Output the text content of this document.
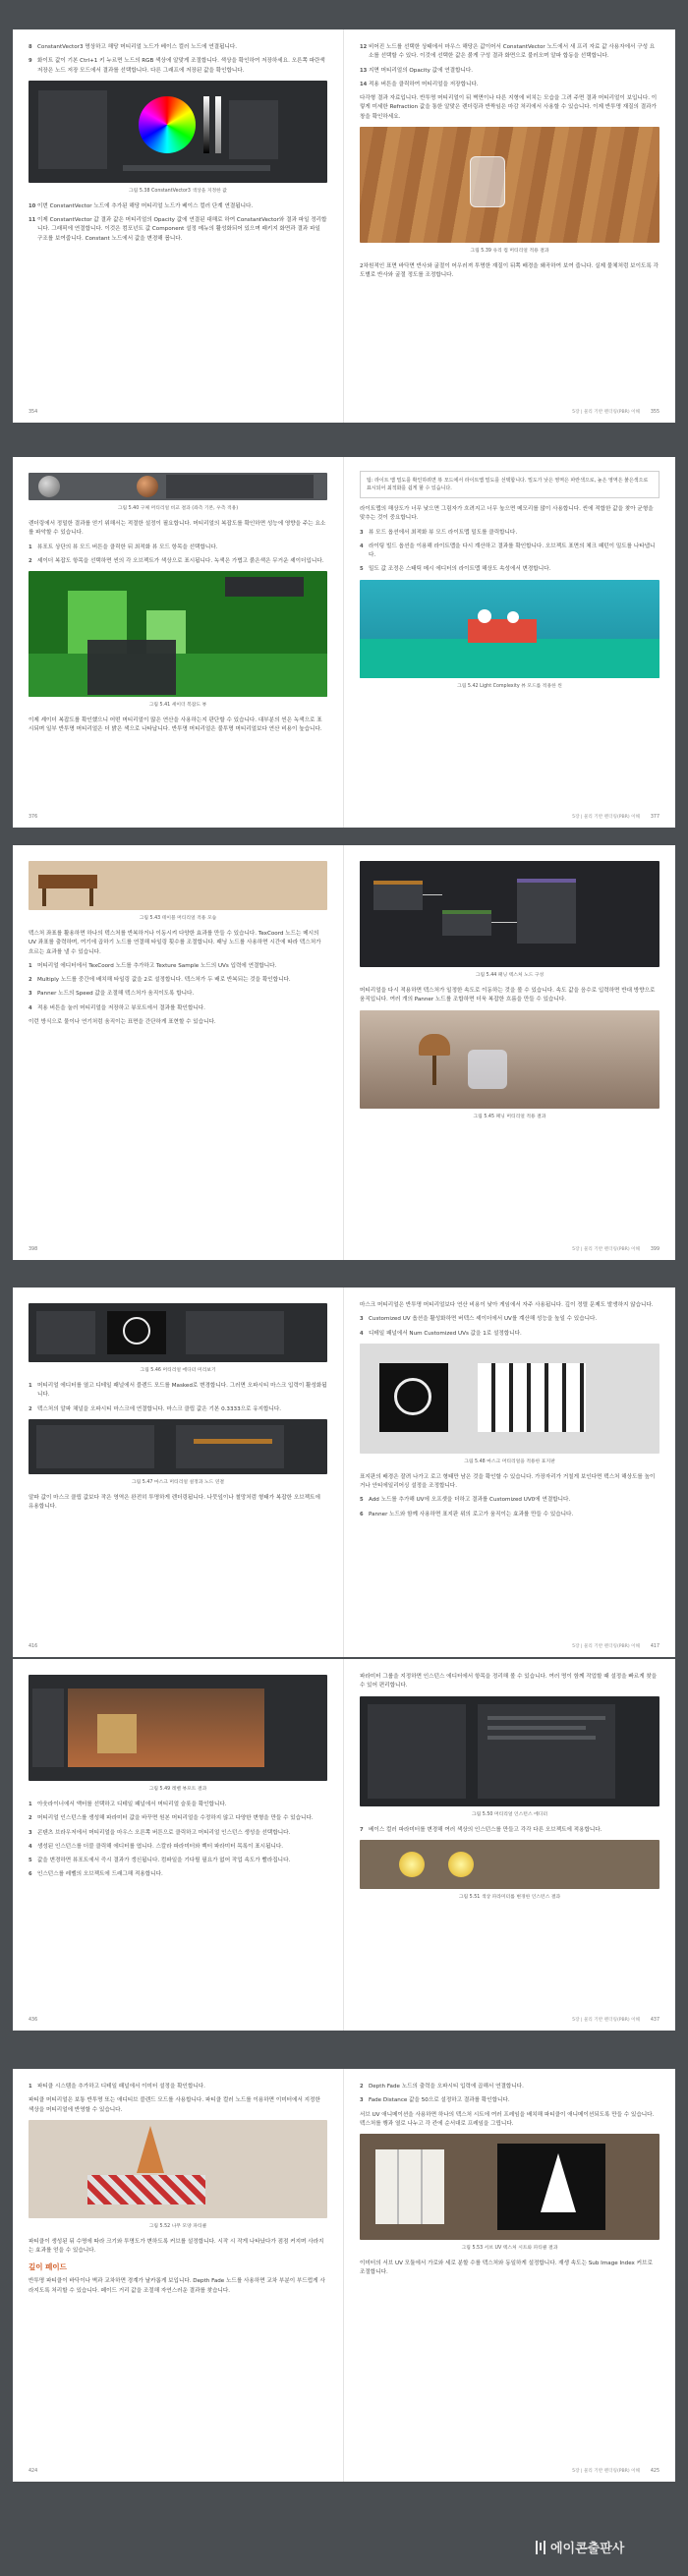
8 ConstantVector3 명상하고 해당 머티리얼 노드가 베이스 컬러 노드에 연결됩니다.
9 화이트 값이 기본 Ctrl+1 키 누르면 노드의 RGB 색상에 알맞게 조절합니다. 색상을 확인하여 저장하세요. 오른쪽 파란색 저장은 노드 저장 모드에서 결과를 선택합니다. 다른 그래프에 저장된 값을 확인합니다.
그림 5.38 ConstantVector3 색상을 지정한 값
10 이번 ConstantVector 노드에 추가된 해당 머티리얼 노드가 베이스 컬러 단계 연결됩니다.
11 이제 ConstantVector 값 결과 값은 머티리얼의 Opacity 값에 연결된 대해로 하여 ConstantVector와 결과 파일 정리합니다. 그래픽에 연결합니다. 이것은 컴포넌트 값 Component 설정 메뉴의 활성화되어 있으며 패키지 화면과 결과 파일 구조를 보여줍니다. Constant 노드에서 값을 변경해 봅니다.
354
12 비어진 노드를 선택한 상태에서 마우스 해당은 값이어서 ConstantVector 노드에서 새 프리 자료 값 사용자에서 구성 요소를 선택할 수 있다. 이것에 선택한 값은 붉게 구성 결과 화면으로 불러오며 알파 합동을 선택합니다.
13 지면 머티리얼의 Opacity 값에 연결합니다.
14 적용 버튼을 클릭하여 머티리얼을 저장합니다.
다각형 결과 자료입니다. 반투명 머티리얼이 뒤 벽면이나 다른 지형에 비치는 모습을 그려 주면 결과 머티리얼이 보입니다. 이렇게 미세한 Refraction 값을 통한 알맞은 렌더링과 반짝임은 마감 처리에서 사용할 수 있습니다. 이제 반투명 재질의 결과가 창을 확인하세요.
그림 5.39 유리 컵 머티리얼 적용 결과
2차원적인 표면 바닥면 반사와 굴절이 어우러져 투명한 재질이 뒤쪽 배경을 왜곡하여 보여 줍니다. 실제 물체처럼 보이도록 각도별로 반사와 굴절 정도를 조정합니다.
355
5장 | 물리 기반 렌더링(PBR) 이해
그림 5.40 구체 머티리얼 비교 결과 (좌측 기본, 우측 적용)
렌더링에서 정밀한 결과를 얻기 위해서는 적절한 설정이 필요합니다. 머티리얼의 복잡도를 확인하면 성능에 영향을 주는 요소를 파악할 수 있습니다.
1 뷰포트 상단의 뷰 모드 버튼을 클릭한 뒤 최적화 뷰 모드 항목을 선택합니다.
2 셰이더 복잡도 항목을 선택하면 씬의 각 오브젝트가 색상으로 표시됩니다. 녹색은 가볍고 붉은색은 무거운 셰이더입니다.
그림 5.41 셰이더 복잡도 뷰
이제 셰이더 복잡도를 확인했으니 어떤 머티리얼이 많은 연산을 사용하는지 판단할 수 있습니다. 대부분의 씬은 녹색으로 표시되며 일부 반투명 머티리얼은 더 밝은 색으로 나타납니다. 반투명 머티리얼은 불투명 머티리얼보다 연산 비용이 높습니다.
376
팁: 라이트 맵 밀도를 확인하려면 뷰 모드에서 라이트맵 밀도를 선택합니다. 밀도가 낮은 영역은 파란색으로, 높은 영역은 붉은색으로 표시되어 최적화를 쉽게 할 수 있습니다.
라이트맵의 해상도가 너무 낮으면 그림자가 흐려지고 너무 높으면 메모리를 많이 사용합니다. 씬에 적합한 값을 찾아 균형을 맞추는 것이 중요합니다.
3 뷰 모드 옵션에서 최적화 뷰 모드 라이트맵 밀도를 클릭합니다.
4 라이팅 빌드 옵션을 이용해 라이트맵을 다시 계산하고 결과를 확인합니다. 오브젝트 표면의 체크 패턴이 밀도를 나타냅니다.
5 밀도 값 조정은 스태틱 메시 에디터의 라이트맵 해상도 속성에서 변경합니다.
그림 5.42 Light Complexity 뷰 모드를 적용한 씬
377
5장 | 물리 기반 렌더링(PBR) 이해
그림 5.43 테이블 머티리얼 적용 모습
텍스처 좌표를 활용하면 하나의 텍스처를 반복하거나 이동시켜 다양한 효과를 만들 수 있습니다. TexCoord 노드는 메시의 UV 좌표를 출력하며, 여기에 곱하기 노드를 연결해 타일링 횟수를 조절합니다. 패닝 노드를 사용하면 시간에 따라 텍스처가 흐르는 효과를 낼 수 있습니다.
1 머티리얼 에디터에서 TexCoord 노드를 추가하고 Texture Sample 노드의 UVs 입력에 연결합니다.
2 Multiply 노드를 중간에 배치해 타일링 값을 2로 설정합니다. 텍스처가 두 배로 반복되는 것을 확인합니다.
3 Panner 노드의 Speed 값을 조절해 텍스처가 움직이도록 합니다.
4 적용 버튼을 눌러 머티리얼을 저장하고 뷰포트에서 결과를 확인합니다.
이런 방식으로 물이나 연기처럼 움직이는 표면을 간단하게 표현할 수 있습니다.
398
그림 5.44 패닝 텍스처 노드 구성
머티리얼을 다시 적용하면 텍스처가 일정한 속도로 이동하는 것을 볼 수 있습니다. 속도 값을 음수로 입력하면 반대 방향으로 움직입니다. 여러 개의 Panner 노드를 조합하면 더욱 복잡한 흐름을 만들 수 있습니다.
그림 5.45 패닝 머티리얼 적용 결과
399
5장 | 물리 기반 렌더링(PBR) 이해
그림 5.46 머티리얼 에디터 미리보기
1 머티리얼 에디터를 열고 디테일 패널에서 블렌드 모드를 Masked로 변경합니다. 그러면 오파시티 마스크 입력이 활성화됩니다.
2 텍스처의 알파 채널을 오파시티 마스크에 연결합니다. 마스크 클립 값은 기본 0.3333으로 유지합니다.
그림 5.47 마스크 머티리얼 설정과 노드 연결
알파 값이 마스크 클립 값보다 작은 영역은 완전히 투명하게 렌더링됩니다. 나뭇잎이나 철망처럼 형태가 복잡한 오브젝트에 유용합니다.
416
마스크 머티리얼은 반투명 머티리얼보다 연산 비용이 낮아 게임에서 자주 사용됩니다. 깊이 정렬 문제도 발생하지 않습니다.
3 Customized UV 옵션을 활성화하면 버텍스 셰이더에서 UV를 계산해 성능을 높일 수 있습니다.
4 디테일 패널에서 Num Customized UVs 값을 1로 설정합니다.
그림 5.48 마스크 머티리얼을 적용한 표지판
표지판의 배경은 잘려 나가고 로고 형태만 남은 것을 확인할 수 있습니다. 가장자리가 거칠게 보인다면 텍스처 해상도를 높이거나 안티에일리어싱 설정을 조정합니다.
5 Add 노드를 추가해 UV에 오프셋을 더하고 결과를 Customized UV0에 연결합니다.
6 Panner 노드와 함께 사용하면 표지판 위의 로고가 움직이는 효과를 만들 수 있습니다.
417
5장 | 물리 기반 렌더링(PBR) 이해
그림 5.49 레벨 뷰포트 결과
1 아웃라이너에서 액터를 선택하고 디테일 패널에서 머티리얼 슬롯을 확인합니다.
2 머티리얼 인스턴스를 생성해 파라미터 값을 바꾸면 원본 머티리얼을 수정하지 않고 다양한 변형을 만들 수 있습니다.
3 콘텐츠 브라우저에서 머티리얼을 마우스 오른쪽 버튼으로 클릭하고 머티리얼 인스턴스 생성을 선택합니다.
4 생성된 인스턴스를 더블 클릭해 에디터를 엽니다. 스칼라 파라미터와 벡터 파라미터 목록이 표시됩니다.
5 값을 변경하면 뷰포트에서 즉시 결과가 갱신됩니다. 컴파일을 기다릴 필요가 없어 작업 속도가 빨라집니다.
6 인스턴스를 레벨의 오브젝트에 드래그해 적용합니다.
436
파라미터 그룹을 지정하면 인스턴스 에디터에서 항목을 정리해 볼 수 있습니다. 여러 명이 함께 작업할 때 설정을 빠르게 찾을 수 있어 편리합니다.
그림 5.50 머티리얼 인스턴스 에디터
7 베이스 컬러 파라미터를 변경해 여러 색상의 인스턴스를 만들고 각각 다른 오브젝트에 적용합니다.
그림 5.51 색상 파라미터를 변경한 인스턴스 결과
437
5장 | 물리 기반 렌더링(PBR) 이해
1 파티클 시스템을 추가하고 디테일 패널에서 이미터 설정을 확인합니다.
파티클 머티리얼은 보통 반투명 또는 애디티브 블렌드 모드를 사용합니다. 파티클 컬러 노드를 이용하면 이미터에서 지정한 색상을 머티리얼에 반영할 수 있습니다.
그림 5.52 나무 모양 파티클
파티클이 생성된 뒤 수명에 따라 크기와 투명도가 변하도록 커브를 설정합니다. 시작 시 작게 나타났다가 점점 커지며 사라지는 효과를 얻을 수 있습니다.
깊이 페이드
반투명 파티클이 바닥이나 벽과 교차하면 경계가 날카롭게 보입니다. Depth Fade 노드를 사용하면 교차 부분이 부드럽게 사라지도록 처리할 수 있습니다. 페이드 거리 값을 조절해 자연스러운 결과를 찾습니다.
424
2 Depth Fade 노드의 출력을 오파시티 입력에 곱해서 연결합니다.
3 Fade Distance 값을 50으로 설정하고 결과를 확인합니다.
서브 UV 애니메이션을 사용하면 하나의 텍스처 시트에 여러 프레임을 배치해 파티클이 애니메이션되도록 만들 수 있습니다. 텍스처를 행과 열로 나누고 각 칸에 순서대로 프레임을 그립니다.
그림 5.53 서브 UV 텍스처 시트와 파티클 결과
이미터의 서브 UV 모듈에서 가로와 세로 분할 수를 텍스처와 동일하게 설정합니다. 재생 속도는 Sub Image Index 커브로 조절합니다.
425
5장 | 물리 기반 렌더링(PBR) 이해
에이콘출판사
